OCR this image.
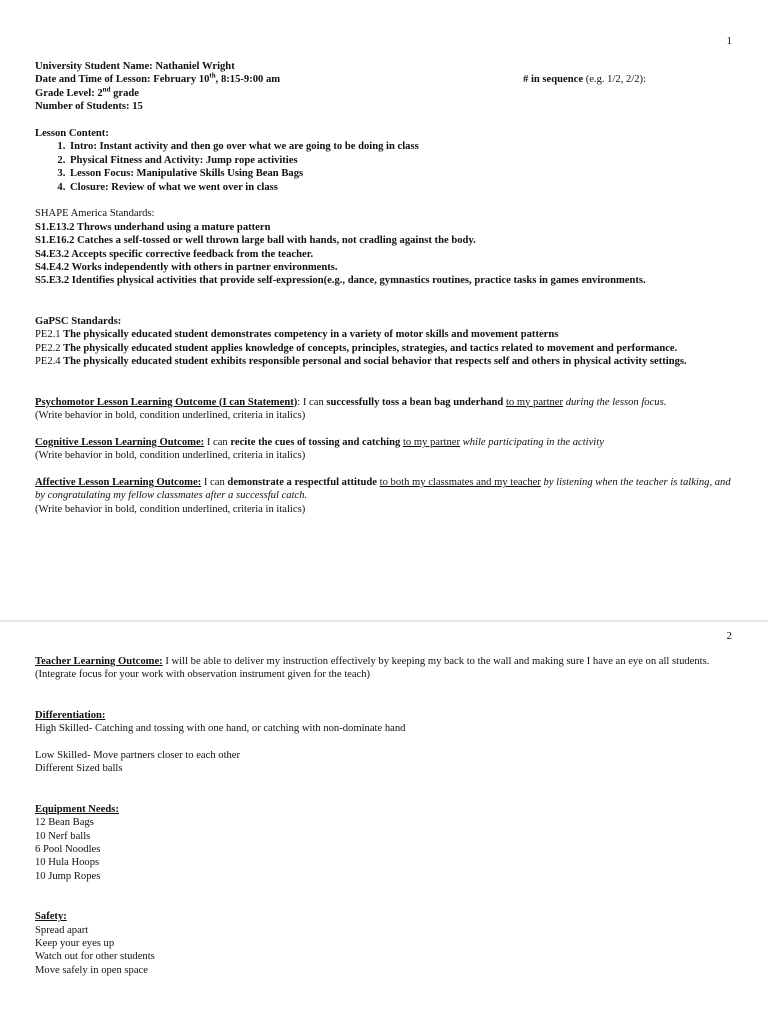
1
University Student Name: Nathaniel Wright
Date and Time of Lesson: February 10th, 8:15-9:00 am	# in sequence (e.g. 1/2, 2/2):
Grade Level: 2nd grade
Number of Students: 15
Lesson Content:
1. Intro: Instant activity and then go over what we are going to be doing in class
2. Physical Fitness and Activity: Jump rope activities
3. Lesson Focus: Manipulative Skills Using Bean Bags
4. Closure: Review of what we went over in class
SHAPE America Standards:
S1.E13.2 Throws underhand using a mature pattern
S1.E16.2 Catches a self-tossed or well thrown large ball with hands, not cradling against the body.
S4.E3.2 Accepts specific corrective feedback from the teacher.
S4.E4.2 Works independently with others in partner environments.
S5.E3.2 Identifies physical activities that provide self-expression(e.g., dance, gymnastics routines, practice tasks in games environments.
GaPSC Standards:
PE2.1 The physically educated student demonstrates competency in a variety of motor skills and movement patterns
PE2.2 The physically educated student applies knowledge of concepts, principles, strategies, and tactics related to movement and performance.
PE2.4 The physically educated student exhibits responsible personal and social behavior that respects self and others in physical activity settings.
Psychomotor Lesson Learning Outcome (I can Statement): I can successfully toss a bean bag underhand to my partner during the lesson focus.
(Write behavior in bold, condition underlined, criteria in italics)
Cognitive Lesson Learning Outcome: I can recite the cues of tossing and catching to my partner while participating in the activity
(Write behavior in bold, condition underlined, criteria in italics)
Affective Lesson Learning Outcome: I can demonstrate a respectful attitude to both my classmates and my teacher by listening when the teacher is talking, and by congratulating my fellow classmates after a successful catch.
(Write behavior in bold, condition underlined, criteria in italics)
2
Teacher Learning Outcome: I will be able to deliver my instruction effectively by keeping my back to the wall and making sure I have an eye on all students.
(Integrate focus for your work with observation instrument given for the teach)
Differentiation:
High Skilled- Catching and tossing with one hand, or catching with non-dominate hand
Low Skilled- Move partners closer to each other
Different Sized balls
Equipment Needs:
12 Bean Bags
10 Nerf balls
6 Pool Noodles
10 Hula Hoops
10 Jump Ropes
Safety:
Spread apart
Keep your eyes up
Watch out for other students
Move safely in open space
